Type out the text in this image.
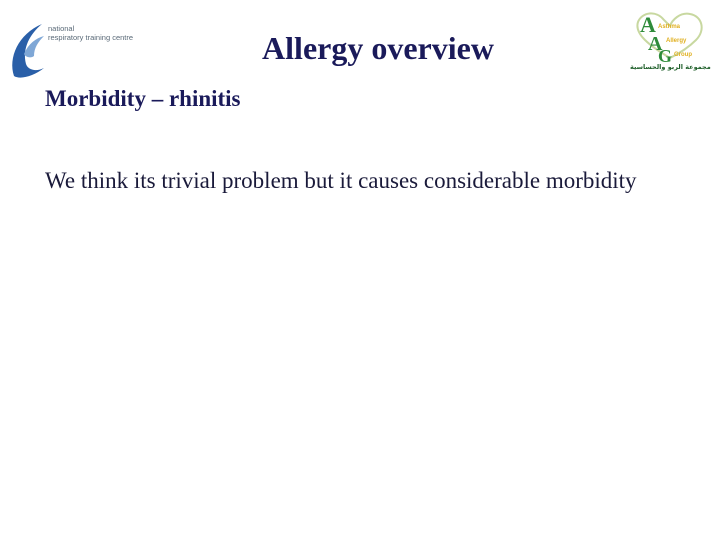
national
respiratory training centre
A
A
G
Asthma
Allergy
Group
مجموعة الربو والحساسية
Allergy overview
Morbidity – rhinitis
We think its trivial problem but it causes considerable morbidity
